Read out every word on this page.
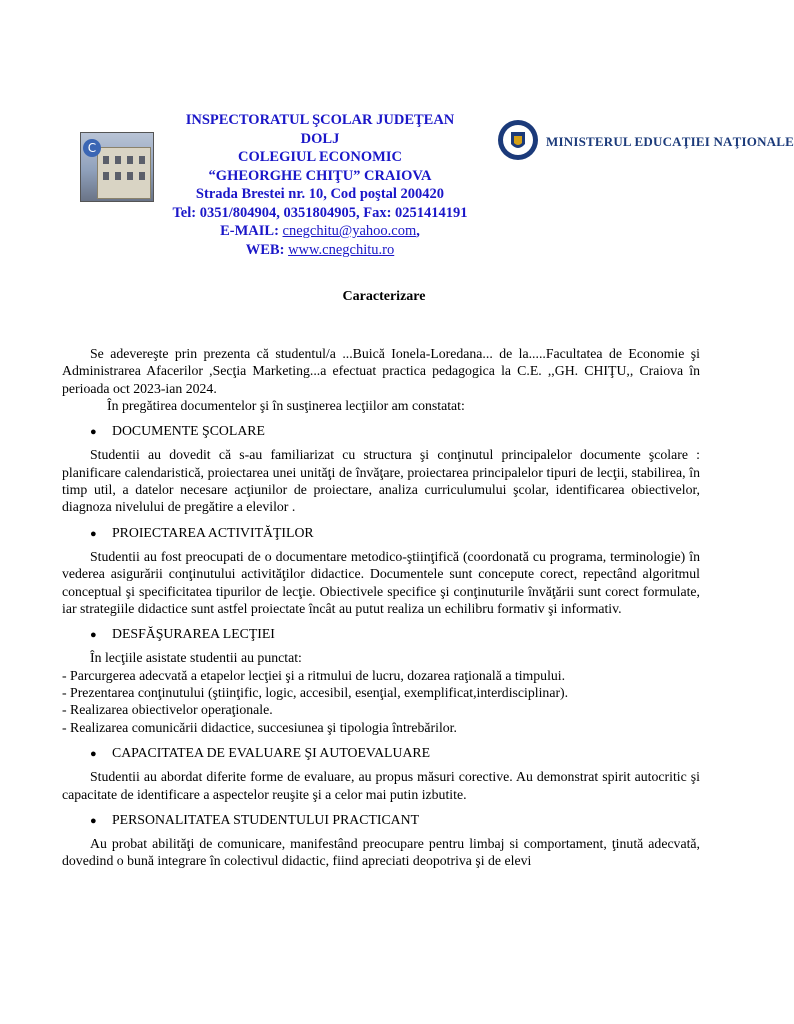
C
INSPECTORATUL ŞCOLAR JUDEŢEAN
DOLJ
COLEGIUL ECONOMIC
“GHEORGHE CHIŢU” CRAIOVA
Strada Brestei nr. 10, Cod poştal 200420
Tel: 0351/804904, 0351804905, Fax: 0251414191
E-MAIL: cnegchitu@yahoo.com,
WEB: www.cnegchitu.ro
MINISTERUL EDUCAŢIEI NAŢIONALE
Caracterizare

Se adevereşte prin prezenta că studentul/a ...Buică Ionela-Loredana... de la.....Facultatea de Economie şi Administrarea Afacerilor ,Secţia Marketing...a efectuat practica pedagogica la C.E. ,,GH. CHIŢU,, Craiova în perioada oct 2023-ian 2024.

În pregătirea documentelor şi în susţinerea lecţiilor am constatat:

● DOCUMENTE ŞCOLARE

Studentii au dovedit că s-au familiarizat cu structura şi conţinutul principalelor documente şcolare : planificare calendaristică, proiectarea unei unităţi de învăţare, proiectarea principalelor tipuri de lecţii, stabilirea, în timp util, a datelor necesare acţiunilor de proiectare, analiza curriculumului şcolar, identificarea obiectivelor, diagnoza nivelului de pregătire a elevilor .

● PROIECTAREA ACTIVITĂŢILOR

Studentii au fost preocupati de o documentare metodico-ştiinţifică (coordonată cu programa, terminologie) în vederea asigurării conţinutului activităţilor didactice. Documentele sunt concepute corect, repectând algoritmul conceptual şi specificitatea tipurilor de lecţie. Obiectivele specifice şi conţinuturile învăţării sunt corect formulate, iar strategiile didactice sunt astfel proiectate încât au putut realiza un echilibru formativ şi informativ.

● DESFĂŞURAREA LECŢIEI

În lecţiile asistate studentii au punctat:

- Parcurgerea adecvată a etapelor lecţiei şi a ritmului de lucru, dozarea raţională a timpului.

- Prezentarea conţinutului (ştiinţific, logic, accesibil, esenţial, exemplificat,interdisciplinar).

- Realizarea obiectivelor operaţionale.

- Realizarea comunicării didactice, succesiunea şi tipologia întrebărilor.

● CAPACITATEA DE EVALUARE ŞI AUTOEVALUARE

Studentii au abordat diferite forme de evaluare, au propus măsuri corective. Au demonstrat spirit autocritic şi capacitate de identificare a aspectelor reuşite şi a celor mai putin izbutite.

● PERSONALITATEA STUDENTULUI PRACTICANT

Au probat abilităţi de comunicare, manifestând preocupare pentru limbaj si comportament, ţinută adecvată, dovedind o bună integrare în colectivul didactic, fiind apreciati deopotriva şi de elevi
